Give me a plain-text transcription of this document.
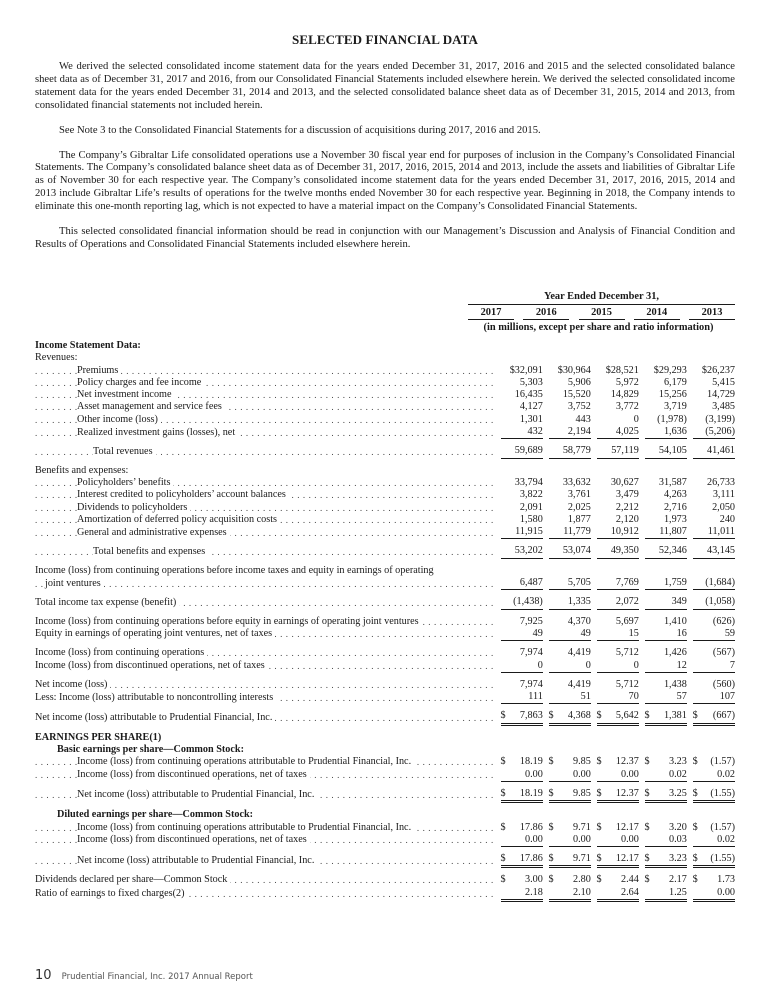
SELECTED FINANCIAL DATA

We derived the selected consolidated income statement data for the years ended December 31, 2017, 2016 and 2015 and the selected consolidated balance sheet data as of December 31, 2017 and 2016, from our Consolidated Financial Statements included elsewhere herein. We derived the selected consolidated income statement data for the years ended December 31, 2014 and 2013, and the selected consolidated balance sheet data as of December 31, 2015, 2014 and 2013, from consolidated financial statements not included herein.

See Note 3 to the Consolidated Financial Statements for a discussion of acquisitions during 2017, 2016 and 2015.

The Company’s Gibraltar Life consolidated operations use a November 30 fiscal year end for purposes of inclusion in the Company’s Consolidated Financial Statements. The Company’s consolidated balance sheet data as of December 31, 2017, 2016, 2015, 2014 and 2013, include the assets and liabilities of Gibraltar Life as of November 30 for each respective year. The Company’s consolidated income statement data for the years ended December 31, 2017, 2016, 2015, 2014 and 2013 include Gibraltar Life’s results of operations for the twelve months ended November 30 for each respective year. Beginning in 2018, the Company intends to eliminate this one-month reporting lag, which is not expected to have a material impact on the Company’s Consolidated Financial Statements.

This selected consolidated financial information should be read in conjunction with our Management’s Discussion and Analysis of Financial Condition and Results of Operations and Consolidated Financial Statements included elsewhere herein.

Year Ended December 31,
2017	2016	2015	2014	2013
(in millions, except per share and ratio information)
Income Statement Data:										
Revenues:										
Premiums . . .		$32,091		$30,964		$28,521		$29,293		$26,237
Policy charges and fee income . . .		5,303		5,906		5,972		6,179		5,415
Net investment income . . .		16,435		15,520		14,829		15,256		14,729
Asset management and service fees . . .		4,127		3,752		3,772		3,719		3,485
Other income (loss) . . .		1,301		443		0		(1,978)		(3,199)
Realized investment gains (losses), net . . .		432		2,194		4,025		1,636		(5,206)
Total revenues . . .		59,689		58,779		57,119		54,105		41,461
Benefits and expenses:										
Policyholders’ benefits . . .		33,794		33,632		30,627		31,587		26,733
Interest credited to policyholders’ account balances . . .		3,822		3,761		3,479		4,263		3,111
Dividends to policyholders . . .		2,091		2,025		2,212		2,716		2,050
Amortization of deferred policy acquisition costs . . .		1,580		1,877		2,120		1,973		240
General and administrative expenses . . .		11,915		11,779		10,912		11,807		11,011
Total benefits and expenses . . .		53,202		53,074		49,350		52,346		43,145
Income (loss) from continuing operations before income taxes and equity in earnings of operating										
joint ventures . . .		6,487		5,705		7,769		1,759		(1,684)
Total income tax expense (benefit) . . .		(1,438)		1,335		2,072		349		(1,058)
Income (loss) from continuing operations before equity in earnings of operating joint ventures . . .		7,925		4,370		5,697		1,410		(626)
Equity in earnings of operating joint ventures, net of taxes . . .		49		49		15		16		59
Income (loss) from continuing operations . . .		7,974		4,419		5,712		1,426		(567)
Income (loss) from discontinued operations, net of taxes . . .		0		0		0		12		7
Net income (loss) . . .		7,974		4,419		5,712		1,438		(560)
Less: Income (loss) attributable to noncontrolling interests . . .		111		51		70		57		107
Net income (loss) attributable to Prudential Financial, Inc. . . .		$ 7,863		$ 4,368		$ 5,642		$ 1,381		$ (667)
EARNINGS PER SHARE(1)										
Basic earnings per share—Common Stock:										
Income (loss) from continuing operations attributable to Prudential Financial, Inc. . . .		$ 18.19		$ 9.85		$ 12.37		$ 3.23		$ (1.57)
Income (loss) from discontinued operations, net of taxes . . .		0.00		0.00		0.00		0.02		0.02
Net income (loss) attributable to Prudential Financial, Inc. . . .		$ 18.19		$ 9.85		$ 12.37		$ 3.25		$ (1.55)
Diluted earnings per share—Common Stock:										
Income (loss) from continuing operations attributable to Prudential Financial, Inc. . . .		$ 17.86		$ 9.71		$ 12.17		$ 3.20		$ (1.57)
Income (loss) from discontinued operations, net of taxes . . .		0.00		0.00		0.00		0.03		0.02
Net income (loss) attributable to Prudential Financial, Inc. . . .		$ 17.86		$ 9.71		$ 12.17		$ 3.23		$ (1.55)
Dividends declared per share—Common Stock . . .		$ 3.00		$ 2.80		$ 2.44		$ 2.17		$ 1.73
Ratio of earnings to fixed charges(2) . . .		2.18		2.10		2.64		1.25		0.00
10 Prudential Financial, Inc. 2017 Annual Report
